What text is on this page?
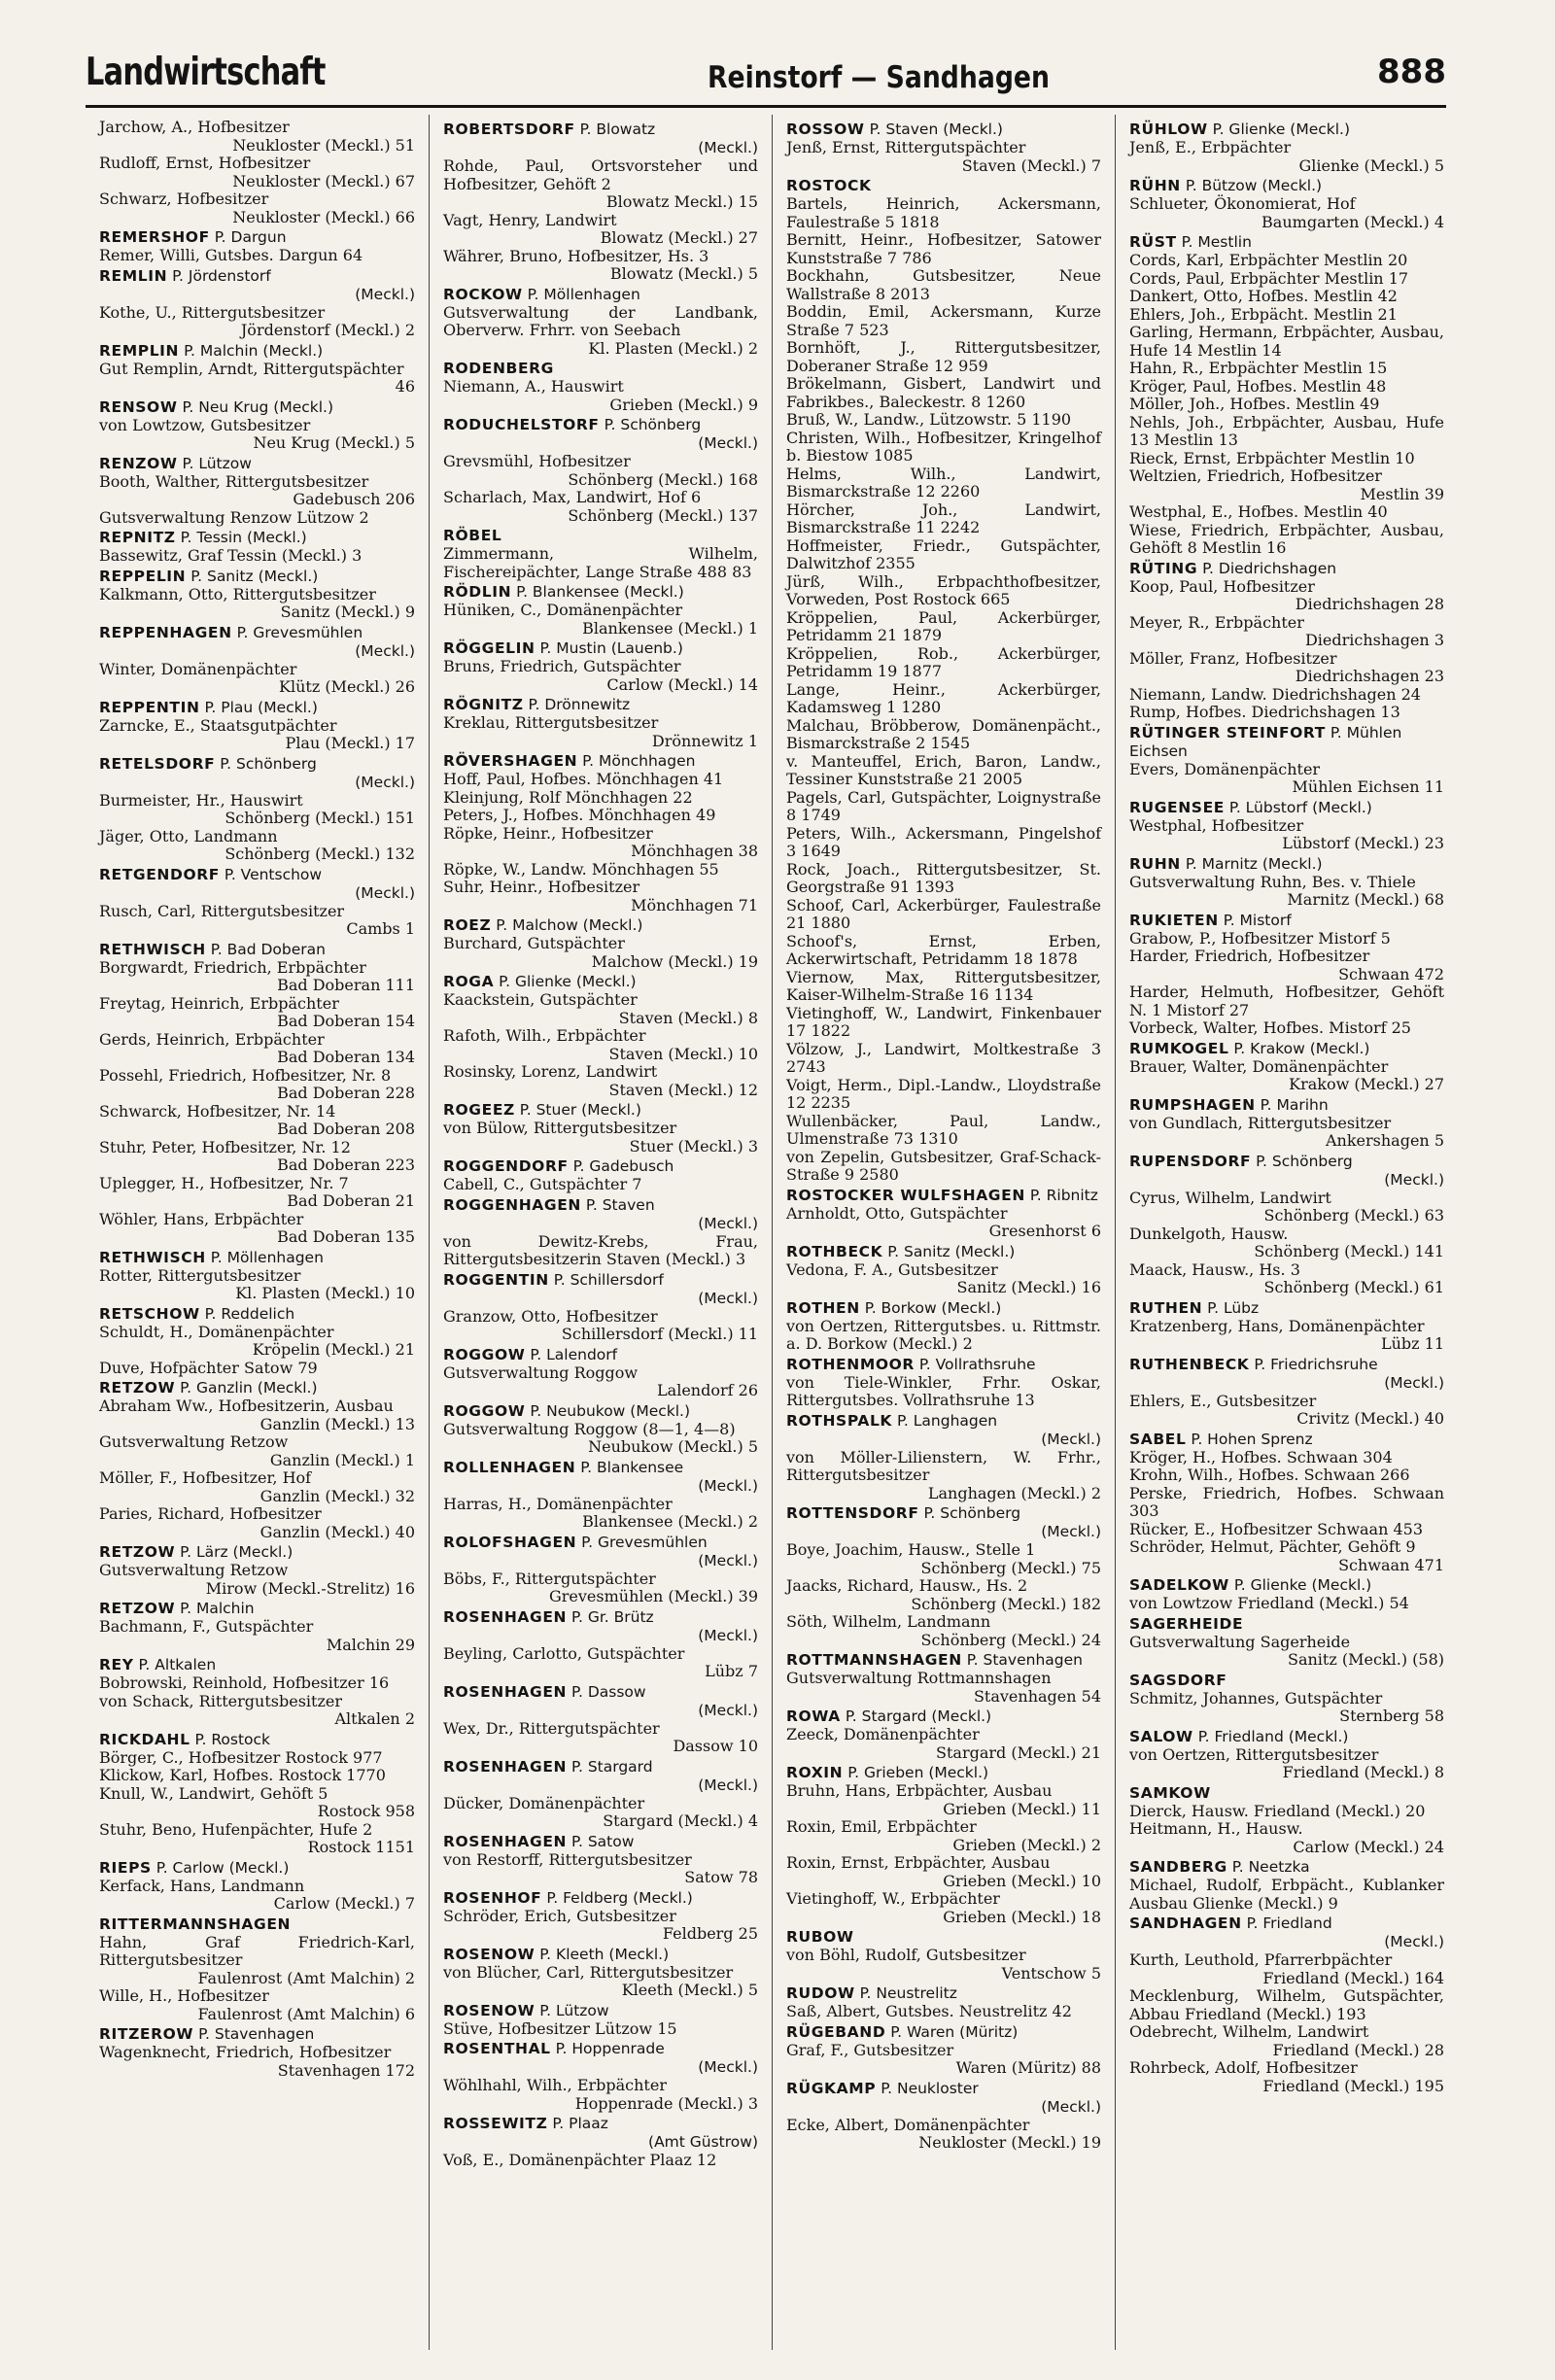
Landwirtschaft	Reinstorf — Sandhagen	888
Jarchow, A., Hofbesitzer
Neukloster (Meckl.) 51
Rudloff, Ernst, Hofbesitzer
Neukloster (Meckl.) 67
Schwarz, Hofbesitzer
Neukloster (Meckl.) 66
REMERSHOF P. Dargun
Remer, Willi, Gutsbes. Dargun 64
REMLIN P. Jördenstorf
(Meckl.)
Kothe, U., Rittergutsbesitzer
Jördenstorf (Meckl.) 2
REMPLIN P. Malchin (Meckl.)
Gut Remplin, Arndt, Rittergutspächter
46
RENSOW P. Neu Krug (Meckl.)
von Lowtzow, Gutsbesitzer
Neu Krug (Meckl.) 5
RENZOW P. Lützow
Booth, Walther, Rittergutsbesitzer
Gadebusch 206
Gutsverwaltung Renzow Lützow 2
REPNITZ P. Tessin (Meckl.)
Bassewitz, Graf Tessin (Meckl.) 3
REPPELIN P. Sanitz (Meckl.)
Kalkmann, Otto, Rittergutsbesitzer
Sanitz (Meckl.) 9
REPPENHAGEN P. Grevesmühlen
(Meckl.)
Winter, Domänenpächter
Klütz (Meckl.) 26
REPPENTIN P. Plau (Meckl.)
Zarncke, E., Staatsgutpächter
Plau (Meckl.) 17
RETELSDORF P. Schönberg
(Meckl.)
Burmeister, Hr., Hauswirt
Schönberg (Meckl.) 151
Jäger, Otto, Landmann
Schönberg (Meckl.) 132
RETGENDORF P. Ventschow
(Meckl.)
Rusch, Carl, Rittergutsbesitzer
Cambs 1
RETHWISCH P. Bad Doberan
Borgwardt, Friedrich, Erbpächter
Bad Doberan 111
Freytag, Heinrich, Erbpächter
Bad Doberan 154
Gerds, Heinrich, Erbpächter
Bad Doberan 134
Possehl, Friedrich, Hofbesitzer, Nr. 8
Bad Doberan 228
Schwarck, Hofbesitzer, Nr. 14
Bad Doberan 208
Stuhr, Peter, Hofbesitzer, Nr. 12
Bad Doberan 223
Uplegger, H., Hofbesitzer, Nr. 7
Bad Doberan 21
Wöhler, Hans, Erbpächter
Bad Doberan 135
RETHWISCH P. Möllenhagen
Rotter, Rittergutsbesitzer
Kl. Plasten (Meckl.) 10
RETSCHOW P. Reddelich
Schuldt, H., Domänenpächter
Kröpelin (Meckl.) 21
Duve, Hofpächter Satow 79
RETZOW P. Ganzlin (Meckl.)
Abraham Ww., Hofbesitzerin, Ausbau
Ganzlin (Meckl.) 13
Gutsverwaltung Retzow
Ganzlin (Meckl.) 1
Möller, F., Hofbesitzer, Hof
Ganzlin (Meckl.) 32
Paries, Richard, Hofbesitzer
Ganzlin (Meckl.) 40
RETZOW P. Lärz (Meckl.)
Gutsverwaltung Retzow
Mirow (Meckl.-Strelitz) 16
RETZOW P. Malchin
Bachmann, F., Gutspächter
Malchin 29
REY P. Altkalen
Bobrowski, Reinhold, Hofbesitzer 16
von Schack, Rittergutsbesitzer
Altkalen 2
RICKDAHL P. Rostock
Börger, C., Hofbesitzer Rostock 977
Klickow, Karl, Hofbes. Rostock 1770
Knull, W., Landwirt, Gehöft 5
Rostock 958
Stuhr, Beno, Hufenpächter, Hufe 2
Rostock 1151
RIEPS P. Carlow (Meckl.)
Kerfack, Hans, Landmann
Carlow (Meckl.) 7
RITTERMANNSHAGEN
Hahn, Graf Friedrich-Karl, Rittergutsbesitzer
Faulenrost (Amt Malchin) 2
Wille, H., Hofbesitzer
Faulenrost (Amt Malchin) 6
RITZEROW P. Stavenhagen
Wagenknecht, Friedrich, Hofbesitzer
Stavenhagen 172
ROBERTSDORF P. Blowatz
(Meckl.)
Rohde, Paul, Ortsvorsteher und Hofbesitzer, Gehöft 2
Blowatz Meckl.) 15
Vagt, Henry, Landwirt
Blowatz (Meckl.) 27
Währer, Bruno, Hofbesitzer, Hs. 3
Blowatz (Meckl.) 5
ROCKOW P. Möllenhagen
Gutsverwaltung der Landbank, Oberverw. Frhrr. von Seebach
Kl. Plasten (Meckl.) 2
RODENBERG
Niemann, A., Hauswirt
Grieben (Meckl.) 9
RODUCHELSTORF P. Schönberg
(Meckl.)
Grevsmühl, Hofbesitzer
Schönberg (Meckl.) 168
Scharlach, Max, Landwirt, Hof 6
Schönberg (Meckl.) 137
RÖBEL
Zimmermann, Wilhelm, Fischereipächter, Lange Straße 488 83
RÖDLIN P. Blankensee (Meckl.)
Hüniken, C., Domänenpächter
Blankensee (Meckl.) 1
RÖGGELIN P. Mustin (Lauenb.)
Bruns, Friedrich, Gutspächter
Carlow (Meckl.) 14
RÖGNITZ P. Drönnewitz
Kreklau, Rittergutsbesitzer
Drönnewitz 1
RÖVERSHAGEN P. Mönchhagen
Hoff, Paul, Hofbes. Mönchhagen 41
Kleinjung, Rolf Mönchhagen 22
Peters, J., Hofbes. Mönchhagen 49
Röpke, Heinr., Hofbesitzer
Mönchhagen 38
Röpke, W., Landw. Mönchhagen 55
Suhr, Heinr., Hofbesitzer
Mönchhagen 71
ROEZ P. Malchow (Meckl.)
Burchard, Gutspächter
Malchow (Meckl.) 19
ROGA P. Glienke (Meckl.)
Kaackstein, Gutspächter
Staven (Meckl.) 8
Rafoth, Wilh., Erbpächter
Staven (Meckl.) 10
Rosinsky, Lorenz, Landwirt
Staven (Meckl.) 12
ROGEEZ P. Stuer (Meckl.)
von Bülow, Rittergutsbesitzer
Stuer (Meckl.) 3
ROGGENDORF P. Gadebusch
Cabell, C., Gutspächter 7
ROGGENHAGEN P. Staven
(Meckl.)
von Dewitz-Krebs, Frau, Rittergutsbesitzerin Staven (Meckl.) 3
ROGGENTIN P. Schillersdorf
(Meckl.)
Granzow, Otto, Hofbesitzer
Schillersdorf (Meckl.) 11
ROGGOW P. Lalendorf
Gutsverwaltung Roggow
Lalendorf 26
ROGGOW P. Neubukow (Meckl.)
Gutsverwaltung Roggow (8—1, 4—8)
Neubukow (Meckl.) 5
ROLLENHAGEN P. Blankensee
(Meckl.)
Harras, H., Domänenpächter
Blankensee (Meckl.) 2
ROLOFSHAGEN P. Grevesmühlen
(Meckl.)
Böbs, F., Rittergutspächter
Grevesmühlen (Meckl.) 39
ROSENHAGEN P. Gr. Brütz
(Meckl.)
Beyling, Carlotto, Gutspächter
Lübz 7
ROSENHAGEN P. Dassow
(Meckl.)
Wex, Dr., Rittergutspächter
Dassow 10
ROSENHAGEN P. Stargard
(Meckl.)
Dücker, Domänenpächter
Stargard (Meckl.) 4
ROSENHAGEN P. Satow
von Restorff, Rittergutsbesitzer
Satow 78
ROSENHOF P. Feldberg (Meckl.)
Schröder, Erich, Gutsbesitzer
Feldberg 25
ROSENOW P. Kleeth (Meckl.)
von Blücher, Carl, Rittergutsbesitzer
Kleeth (Meckl.) 5
ROSENOW P. Lützow
Stüve, Hofbesitzer Lützow 15
ROSENTHAL P. Hoppenrade
(Meckl.)
Wöhlhahl, Wilh., Erbpächter
Hoppenrade (Meckl.) 3
ROSSEWITZ P. Plaaz
(Amt Güstrow)
Voß, E., Domänenpächter Plaaz 12
ROSSOW P. Staven (Meckl.)
Jenß, Ernst, Rittergutspächter
Staven (Meckl.) 7
ROSTOCK
Bartels, Heinrich, Ackersmann, Faulestraße 5 1818
Bernitt, Heinr., Hofbesitzer, Satower Kunststraße 7 786
Bockhahn, Gutsbesitzer, Neue Wallstraße 8 2013
Boddin, Emil, Ackersmann, Kurze Straße 7 523
Bornhöft, J., Rittergutsbesitzer, Doberaner Straße 12 959
Brökelmann, Gisbert, Landwirt und Fabrikbes., Baleckestr. 8 1260
Bruß, W., Landw., Lützowstr. 5 1190
Christen, Wilh., Hofbesitzer, Kringelhof b. Biestow 1085
Helms, Wilh., Landwirt, Bismarckstraße 12 2260
Hörcher, Joh., Landwirt, Bismarckstraße 11 2242
Hoffmeister, Friedr., Gutspächter, Dalwitzhof 2355
Jürß, Wilh., Erbpachthofbesitzer, Vorweden, Post Rostock 665
Kröppelien, Paul, Ackerbürger, Petridamm 21 1879
Kröppelien, Rob., Ackerbürger, Petridamm 19 1877
Lange, Heinr., Ackerbürger, Kadamsweg 1 1280
Malchau, Bröbberow, Domänenpächt., Bismarckstraße 2 1545
v. Manteuffel, Erich, Baron, Landw., Tessiner Kunststraße 21 2005
Pagels, Carl, Gutspächter, Loignystraße 8 1749
Peters, Wilh., Ackersmann, Pingelshof 3 1649
Rock, Joach., Rittergutsbesitzer, St. Georgstraße 91 1393
Schoof, Carl, Ackerbürger, Faulestraße 21 1880
Schoof's, Ernst, Erben, Ackerwirtschaft, Petridamm 18 1878
Viernow, Max, Rittergutsbesitzer, Kaiser-Wilhelm-Straße 16 1134
Vietinghoff, W., Landwirt, Finkenbauer 17 1822
Völzow, J., Landwirt, Moltkestraße 3 2743
Voigt, Herm., Dipl.-Landw., Lloydstraße 12 2235
Wullenbäcker, Paul, Landw., Ulmenstraße 73 1310
von Zepelin, Gutsbesitzer, Graf-Schack-Straße 9 2580
ROSTOCKER WULFSHAGEN P. Ribnitz
Arnholdt, Otto, Gutspächter
Gresenhorst 6
ROTHBECK P. Sanitz (Meckl.)
Vedona, F. A., Gutsbesitzer
Sanitz (Meckl.) 16
ROTHEN P. Borkow (Meckl.)
von Oertzen, Rittergutsbes. u. Rittmstr. a. D. Borkow (Meckl.) 2
ROTHENMOOR P. Vollrathsruhe
von Tiele-Winkler, Frhr. Oskar, Rittergutsbes. Vollrathsruhe 13
ROTHSPALK P. Langhagen
(Meckl.)
von Möller-Lilienstern, W. Frhr., Rittergutsbesitzer
Langhagen (Meckl.) 2
ROTTENSDORF P. Schönberg
(Meckl.)
Boye, Joachim, Hausw., Stelle 1
Schönberg (Meckl.) 75
Jaacks, Richard, Hausw., Hs. 2
Schönberg (Meckl.) 182
Söth, Wilhelm, Landmann
Schönberg (Meckl.) 24
ROTTMANNSHAGEN P. Stavenhagen
Gutsverwaltung Rottmannshagen
Stavenhagen 54
ROWA P. Stargard (Meckl.)
Zeeck, Domänenpächter
Stargard (Meckl.) 21
ROXIN P. Grieben (Meckl.)
Bruhn, Hans, Erbpächter, Ausbau
Grieben (Meckl.) 11
Roxin, Emil, Erbpächter
Grieben (Meckl.) 2
Roxin, Ernst, Erbpächter, Ausbau
Grieben (Meckl.) 10
Vietinghoff, W., Erbpächter
Grieben (Meckl.) 18
RUBOW
von Böhl, Rudolf, Gutsbesitzer
Ventschow 5
RUDOW P. Neustrelitz
Saß, Albert, Gutsbes. Neustrelitz 42
RÜGEBAND P. Waren (Müritz)
Graf, F., Gutsbesitzer
Waren (Müritz) 88
RÜGKAMP P. Neukloster
(Meckl.)
Ecke, Albert, Domänenpächter
Neukloster (Meckl.) 19
RÜHLOW P. Glienke (Meckl.)
Jenß, E., Erbpächter
Glienke (Meckl.) 5
RÜHN P. Bützow (Meckl.)
Schlueter, Ökonomierat, Hof
Baumgarten (Meckl.) 4
RÜST P. Mestlin
Cords, Karl, Erbpächter Mestlin 20
Cords, Paul, Erbpächter Mestlin 17
Dankert, Otto, Hofbes. Mestlin 42
Ehlers, Joh., Erbpächt. Mestlin 21
Garling, Hermann, Erbpächter, Ausbau, Hufe 14 Mestlin 14
Hahn, R., Erbpächter Mestlin 15
Kröger, Paul, Hofbes. Mestlin 48
Möller, Joh., Hofbes. Mestlin 49
Nehls, Joh., Erbpächter, Ausbau, Hufe 13 Mestlin 13
Rieck, Ernst, Erbpächter Mestlin 10
Weltzien, Friedrich, Hofbesitzer
Mestlin 39
Westphal, E., Hofbes. Mestlin 40
Wiese, Friedrich, Erbpächter, Ausbau, Gehöft 8 Mestlin 16
RÜTING P. Diedrichshagen
Koop, Paul, Hofbesitzer
Diedrichshagen 28
Meyer, R., Erbpächter
Diedrichshagen 3
Möller, Franz, Hofbesitzer
Diedrichshagen 23
Niemann, Landw. Diedrichshagen 24
Rump, Hofbes. Diedrichshagen 13
RÜTINGER STEINFORT P. Mühlen Eichsen
Evers, Domänenpächter
Mühlen Eichsen 11
RUGENSEE P. Lübstorf (Meckl.)
Westphal, Hofbesitzer
Lübstorf (Meckl.) 23
RUHN P. Marnitz (Meckl.)
Gutsverwaltung Ruhn, Bes. v. Thiele
Marnitz (Meckl.) 68
RUKIETEN P. Mistorf
Grabow, P., Hofbesitzer Mistorf 5
Harder, Friedrich, Hofbesitzer
Schwaan 472
Harder, Helmuth, Hofbesitzer, Gehöft N. 1 Mistorf 27
Vorbeck, Walter, Hofbes. Mistorf 25
RUMKOGEL P. Krakow (Meckl.)
Brauer, Walter, Domänenpächter
Krakow (Meckl.) 27
RUMPSHAGEN P. Marihn
von Gundlach, Rittergutsbesitzer
Ankershagen 5
RUPENSDORF P. Schönberg
(Meckl.)
Cyrus, Wilhelm, Landwirt
Schönberg (Meckl.) 63
Dunkelgoth, Hausw.
Schönberg (Meckl.) 141
Maack, Hausw., Hs. 3
Schönberg (Meckl.) 61
RUTHEN P. Lübz
Kratzenberg, Hans, Domänenpächter
Lübz 11
RUTHENBECK P. Friedrichsruhe
(Meckl.)
Ehlers, E., Gutsbesitzer
Crivitz (Meckl.) 40
SABEL P. Hohen Sprenz
Kröger, H., Hofbes. Schwaan 304
Krohn, Wilh., Hofbes. Schwaan 266
Perske, Friedrich, Hofbes. Schwaan 303
Rücker, E., Hofbesitzer Schwaan 453
Schröder, Helmut, Pächter, Gehöft 9
Schwaan 471
SADELKOW P. Glienke (Meckl.)
von Lowtzow Friedland (Meckl.) 54
SAGERHEIDE
Gutsverwaltung Sagerheide
Sanitz (Meckl.) (58)
SAGSDORF
Schmitz, Johannes, Gutspächter
Sternberg 58
SALOW P. Friedland (Meckl.)
von Oertzen, Rittergutsbesitzer
Friedland (Meckl.) 8
SAMKOW
Dierck, Hausw. Friedland (Meckl.) 20
Heitmann, H., Hausw.
Carlow (Meckl.) 24
SANDBERG P. Neetzka
Michael, Rudolf, Erbpächt., Kublanker Ausbau Glienke (Meckl.) 9
SANDHAGEN P. Friedland
(Meckl.)
Kurth, Leuthold, Pfarrerbpächter
Friedland (Meckl.) 164
Mecklenburg, Wilhelm, Gutspächter, Abbau Friedland (Meckl.) 193
Odebrecht, Wilhelm, Landwirt
Friedland (Meckl.) 28
Rohrbeck, Adolf, Hofbesitzer
Friedland (Meckl.) 195
